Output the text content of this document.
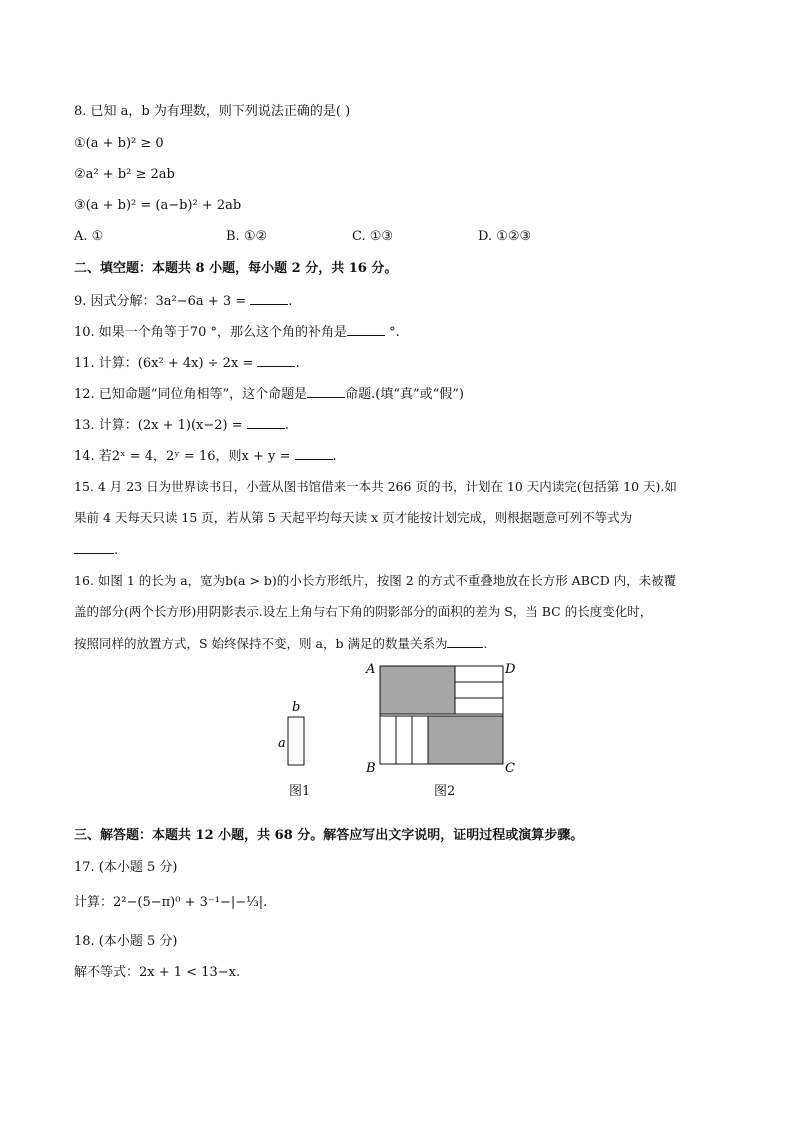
8. 已知 a，b 为有理数，则下列说法正确的是( )
①(a + b)² ≥ 0
②a² + b² ≥ 2ab
③(a + b)² = (a−b)² + 2ab
A. ①	B. ①②	C. ①③	D. ①②③
二、填空题：本题共 8 小题，每小题 2 分，共 16 分。
9. 因式分解：3a²−6a + 3 =	.
10. 如果一个角等于70 °，那么这个角的补角是	°.
11. 计算：(6x² + 4x) ÷ 2x =	.
12. 已知命题“同位角相等”，这个命题是	命题.(填“真”或“假”)
13. 计算：(2x + 1)(x−2) =	.
14. 若2ˣ = 4，2ʸ = 16，则x + y =	.
15. 4 月 23 日为世界读书日，小萱从图书馆借来一本共 266 页的书，计划在 10 天内读完(包括第 10 天).如
果前 4 天每天只读 15 页，若从第 5 天起平均每天读 x 页才能按计划完成，则根据题意可列不等式为
.
16. 如图 1 的长为 a，宽为b(a > b)的小长方形纸片，按图 2 的方式不重叠地放在长方形 ABCD 内，未被覆
盖的部分(两个长方形)用阴影表示.设左上角与右下角的阴影部分的面积的差为 S，当 BC 的长度变化时，
按照同样的放置方式，S 始终保持不变，则 a，b 满足的数量关系为	.
b
a
图1
A	D
B	C
图2
三、解答题：本题共 12 小题，共 68 分。解答应写出文字说明，证明过程或演算步骤。
17. (本小题 5 分)
计算：2²−(5−π)⁰ + 3⁻¹−|−⅓|.
18. (本小题 5 分)
解不等式：2x + 1 < 13−x.
